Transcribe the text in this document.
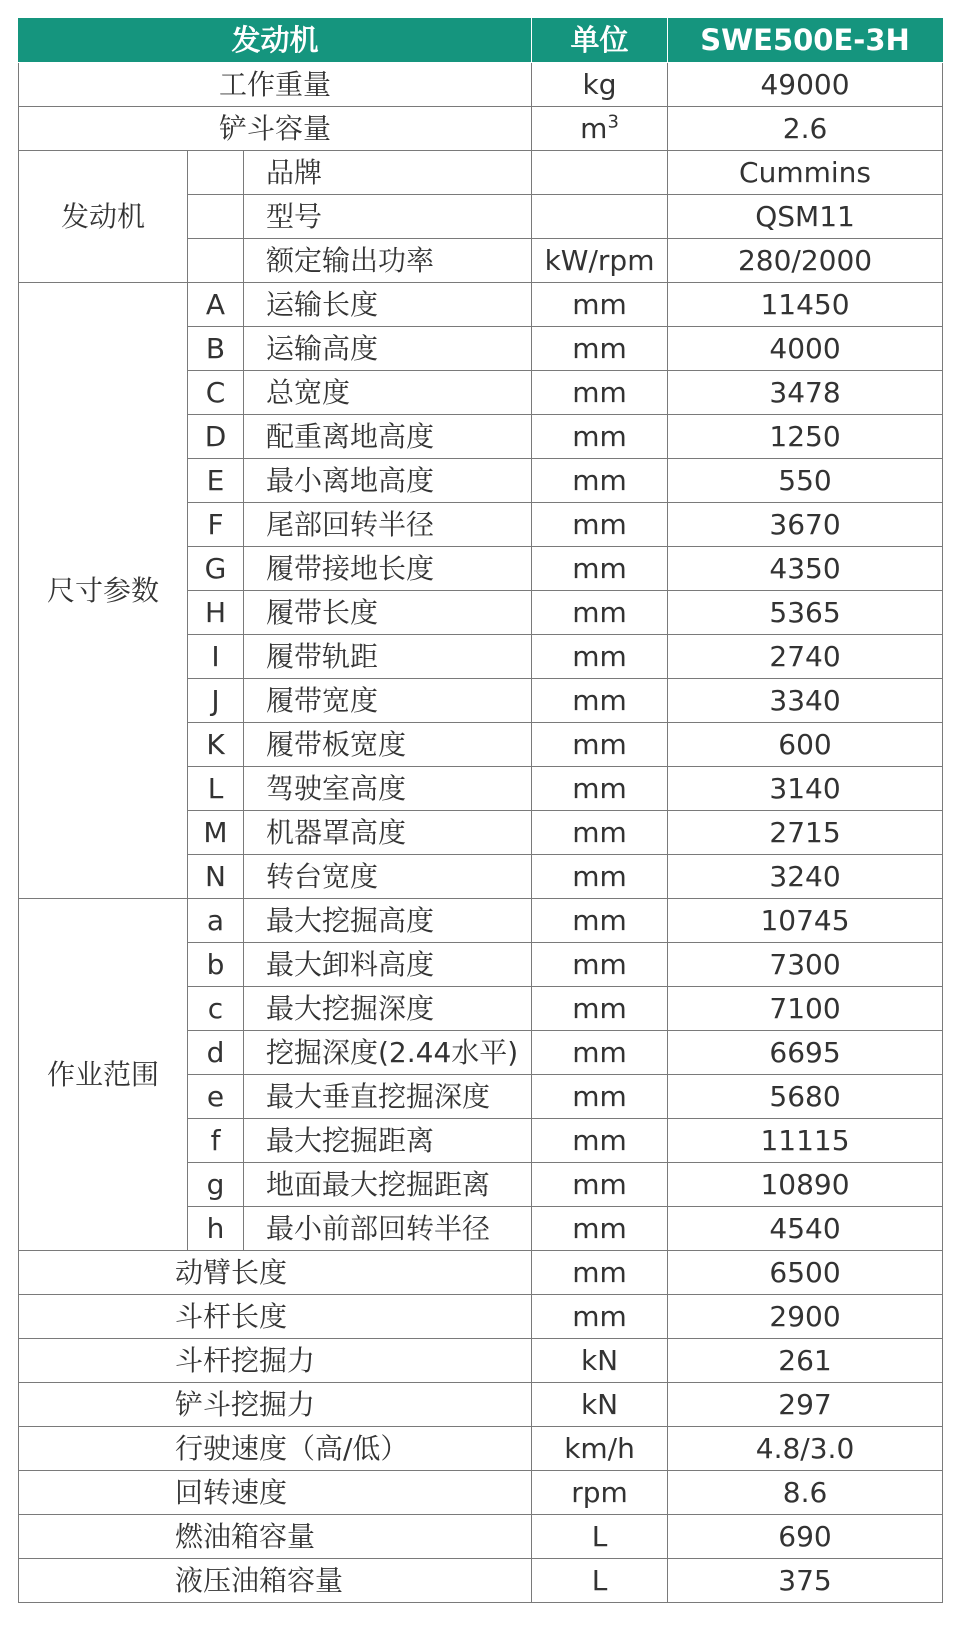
发动机			单位	SWE500E-3H
工作重量			kg	49000
铲斗容量			$m^3$	2.6
发动机		品牌		Cummins
		型号		QSM11
		额定输出功率	kW/rpm	280/2000
尺寸参数	A	运输长度	mm	11450
	B	运输高度	mm	4000
	C	总宽度	mm	3478
	D	配重离地高度	mm	1250
	E	最小离地高度	mm	550
	F	尾部回转半径	mm	3670
	G	履带接地长度	mm	4350
	H	履带长度	mm	5365
	I	履带轨距	mm	2740
	J	履带宽度	mm	3340
	K	履带板宽度	mm	600
	L	驾驶室高度	mm	3140
	M	机器罩高度	mm	2715
	N	转台宽度	mm	3240
作业范围	a	最大挖掘高度	mm	10745
	b	最大卸料高度	mm	7300
	c	最大挖掘深度	mm	7100
	d	挖掘深度(2.44水平)	mm	6695
	e	最大垂直挖掘深度	mm	5680
	f	最大挖掘距离	mm	11115
	g	地面最大挖掘距离	mm	10890
	h	最小前部回转半径	mm	4540
动臂长度			mm	6500
斗杆长度			mm	2900
斗杆挖掘力			kN	261
铲斗挖掘力			kN	297
行驶速度（高/低）			km/h	4.8/3.0
回转速度			rpm	8.6
燃油箱容量			L	690
液压油箱容量			L	375
